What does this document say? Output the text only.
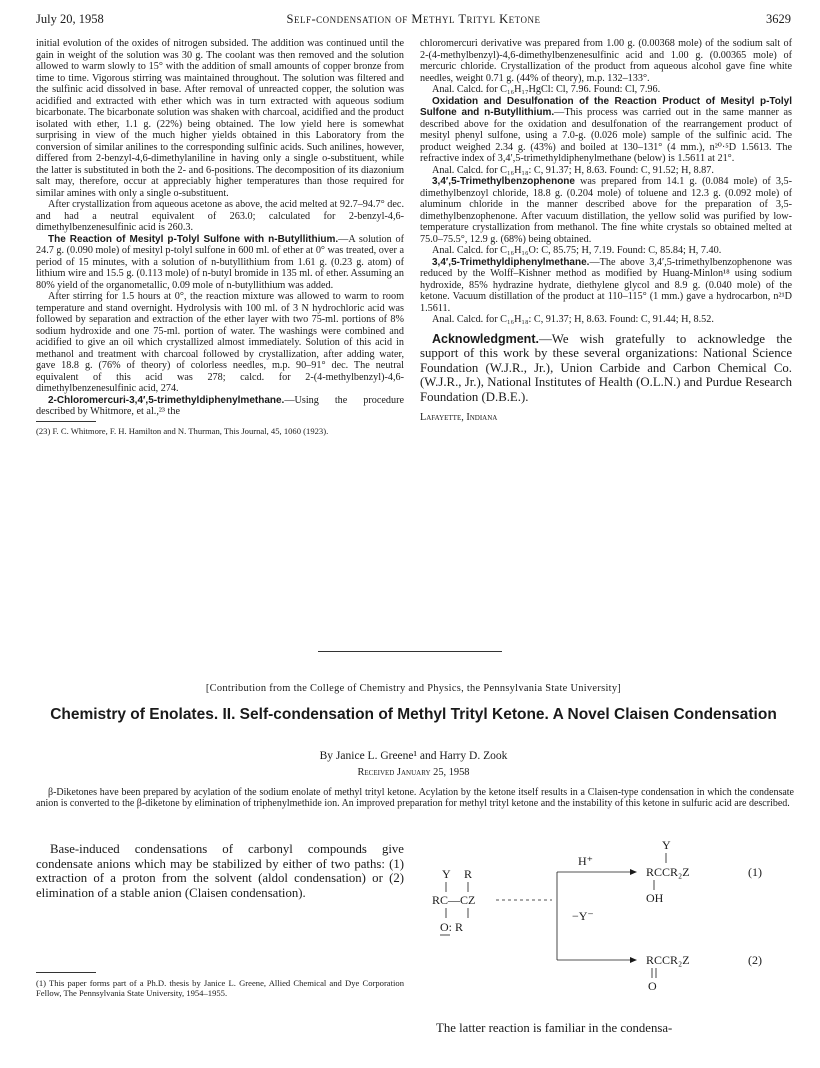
July 20, 1958	Self-condensation of Methyl Trityl Ketone	3629

initial evolution of the oxides of nitrogen subsided. The addition was continued until the gain in weight of the solution was 30 g. The coolant was then removed and the solution allowed to warm slowly to 15° with the addition of small amounts of copper bronze from time to time. Vigorous stirring was maintained throughout. The solution was filtered and the sulfinic acid dissolved in base. After removal of unreacted copper, the solution was acidified and extracted with ether which was in turn extracted with aqueous sodium bicarbonate. The bicarbonate solution was shaken with charcoal, acidified and the product isolated with ether, 1.1 g. (22%) being obtained. The low yield here is somewhat surprising in view of the much higher yields obtained in this Laboratory from the conversion of similar anilines to the corresponding sulfinic acids. Such anilines, however, differed from 2-benzyl-4,6-dimethylaniline in having only a single o-substituent, while the latter is substituted in both the 2- and 6-positions. The decomposition of its diazonium salt may, therefore, occur at appreciably higher temperatures than those required for similar amines with only a single o-substituent.

After crystallization from aqueous acetone as above, the acid melted at 92.7–94.7° dec. and had a neutral equivalent of 263.0; calculated for 2-benzyl-4,6-dimethylbenzenesulfinic acid is 260.3.

The Reaction of Mesityl p-Tolyl Sulfone with n-Butyllithium.—A solution of 24.7 g. (0.090 mole) of mesityl p-tolyl sulfone in 600 ml. of ether at 0° was treated, over a period of 15 minutes, with a solution of n-butyllithium from 1.61 g. (0.23 g. atom) of lithium wire and 15.5 g. (0.113 mole) of n-butyl bromide in 135 ml. of ether. Assuming an 80% yield of the organometallic, 0.09 mole of n-butyllithium was added.

After stirring for 1.5 hours at 0°, the reaction mixture was allowed to warm to room temperature and stand overnight. Hydrolysis with 100 ml. of 3 N hydrochloric acid was followed by separation and extraction of the ether layer with two 75-ml. portions of 8% sodium hydroxide and one 75-ml. portion of water. The washings were combined and acidified to give an oil which crystallized almost immediately. Solution of this acid in methanol and treatment with charcoal followed by crystallization, after adding water, gave 18.8 g. (76% of theory) of colorless needles, m.p. 90–91° dec. The neutral equivalent of this acid was 278; calcd. for 2-(4-methylbenzyl)-4,6-dimethylbenzenesulfinic acid, 274.

2-Chloromercuri-3,4′,5-trimethyldiphenylmethane.—Using the procedure described by Whitmore, et al.,²³ the

(23) F. C. Whitmore, F. H. Hamilton and N. Thurman, This Journal, 45, 1060 (1923).

chloromercuri derivative was prepared from 1.00 g. (0.00368 mole) of the sodium salt of 2-(4-methylbenzyl)-4,6-dimethylbenzenesulfinic acid and 1.00 g. (0.00365 mole) of mercuric chloride. Crystallization of the product from aqueous alcohol gave fine white needles, weight 0.71 g. (44% of theory), m.p. 132–133°.

Anal. Calcd. for C₁₆H₁₇HgCl: Cl, 7.96. Found: Cl, 7.96.

Oxidation and Desulfonation of the Reaction Product of Mesityl p-Tolyl Sulfone and n-Butyllithium.—This process was carried out in the same manner as described above for the oxidation and desulfonation of the rearrangement product of mesityl phenyl sulfone, using a 7.0-g. (0.026 mole) sample of the sulfinic acid. The product weighed 2.34 g. (43%) and boiled at 130–131° (4 mm.), n²⁰·⁵D 1.5613. The refractive index of 3,4′,5-trimethyldiphenylmethane (below) is 1.5611 at 21°.

Anal. Calcd. for C₁₆H₁₈: C, 91.37; H, 8.63. Found: C, 91.52; H, 8.87.

3,4′,5-Trimethylbenzophenone was prepared from 14.1 g. (0.084 mole) of 3,5-dimethylbenzoyl chloride, 18.8 g. (0.204 mole) of toluene and 12.3 g. (0.092 mole) of aluminum chloride in the manner described above for the preparation of 3,5-dimethylbenzophenone. After vacuum distillation, the yellow solid was purified by low-temperature crystallization from methanol. The fine white crystals so obtained melted at 75.0–75.5°, 12.9 g. (68%) being obtained.

Anal. Calcd. for C₁₆H₁₆O: C, 85.75; H, 7.19. Found: C, 85.84; H, 7.40.

3,4′,5-Trimethyldiphenylmethane.—The above 3,4′,5-trimethylbenzophenone was reduced by the Wolff–Kishner method as modified by Huang-Minlon¹⁸ using sodium hydroxide, 85% hydrazine hydrate, diethylene glycol and 8.9 g. (0.040 mole) of the ketone. Vacuum distillation of the product at 110–115° (1 mm.) gave a hydrocarbon, n²¹D 1.5611.

Anal. Calcd. for C₁₆H₁₈: C, 91.37; H, 8.63. Found: C, 91.44; H, 8.52.

Acknowledgment.—We wish gratefully to acknowledge the support of this work by these several organizations: National Science Foundation (W.J.R., Jr.), Union Carbide and Carbon Chemical Co. (W.J.R., Jr.), National Institutes of Health (O.L.N.) and Purdue Research Foundation (D.B.E.).

Lafayette, Indiana

[Contribution from the College of Chemistry and Physics, the Pennsylvania State University]
Chemistry of Enolates. II. Self-condensation of Methyl Trityl Ketone. A Novel Claisen Condensation
By Janice L. Greene¹ and Harry D. Zook
Received January 25, 1958
β-Diketones have been prepared by acylation of the sodium enolate of methyl trityl ketone. Acylation by the ketone itself results in a Claisen-type condensation in which the condensate anion is converted to the β-diketone by elimination of triphenylmethide ion. An improved preparation for methyl trityl ketone and the instability of this ketone in sulfuric acid are described.

Base-induced condensations of carbonyl compounds give condensate anions which may be stabilized by either of two paths: (1) extraction of a proton from the solvent (aldol condensation) or (2) elimination of a stable anion (Claisen condensation).

(1) This paper forms part of a Ph.D. thesis by Janice L. Greene, Allied Chemical and Dye Corporation Fellow, The Pennsylvania State University, 1954–1955.
Y R
RC—CZ
O: R
H⁺
−Y⁻
Y
RCCR₂Z
OH
(1)
RCCR₂Z
O
(2)
The latter reaction is familiar in the condensa-
